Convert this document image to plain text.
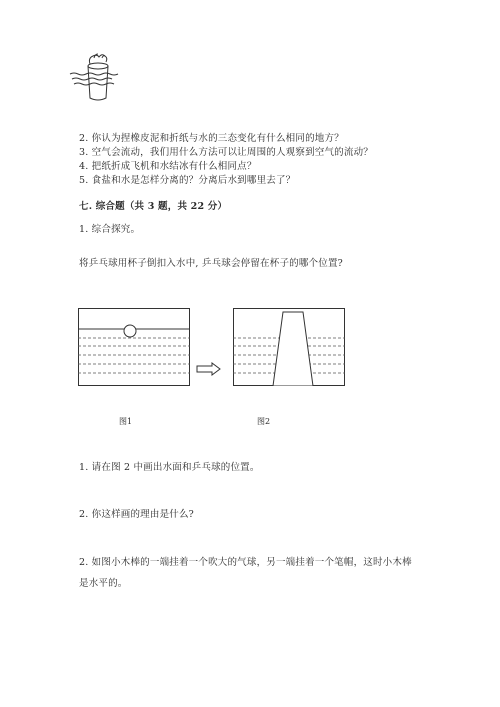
2. 你认为捏橡皮泥和折纸与水的三态变化有什么相同的地方？
3. 空气会流动，我们用什么方法可以让周围的人观察到空气的流动？
4. 把纸折成飞机和水结冰有什么相同点？
5. 食盐和水是怎样分离的？分离后水到哪里去了？
七. 综合题（共 3 题，共 22 分）
1. 综合探究。
将乒乓球用杯子倒扣入水中, 乒乓球会停留在杯子的哪个位置?
图1	图2
1. 请在图 2 中画出水面和乒乓球的位置。
2. 你这样画的理由是什么?
2. 如图小木棒的一端挂着一个吹大的气球，另一端挂着一个笔帽，这时小木棒
是水平的。
